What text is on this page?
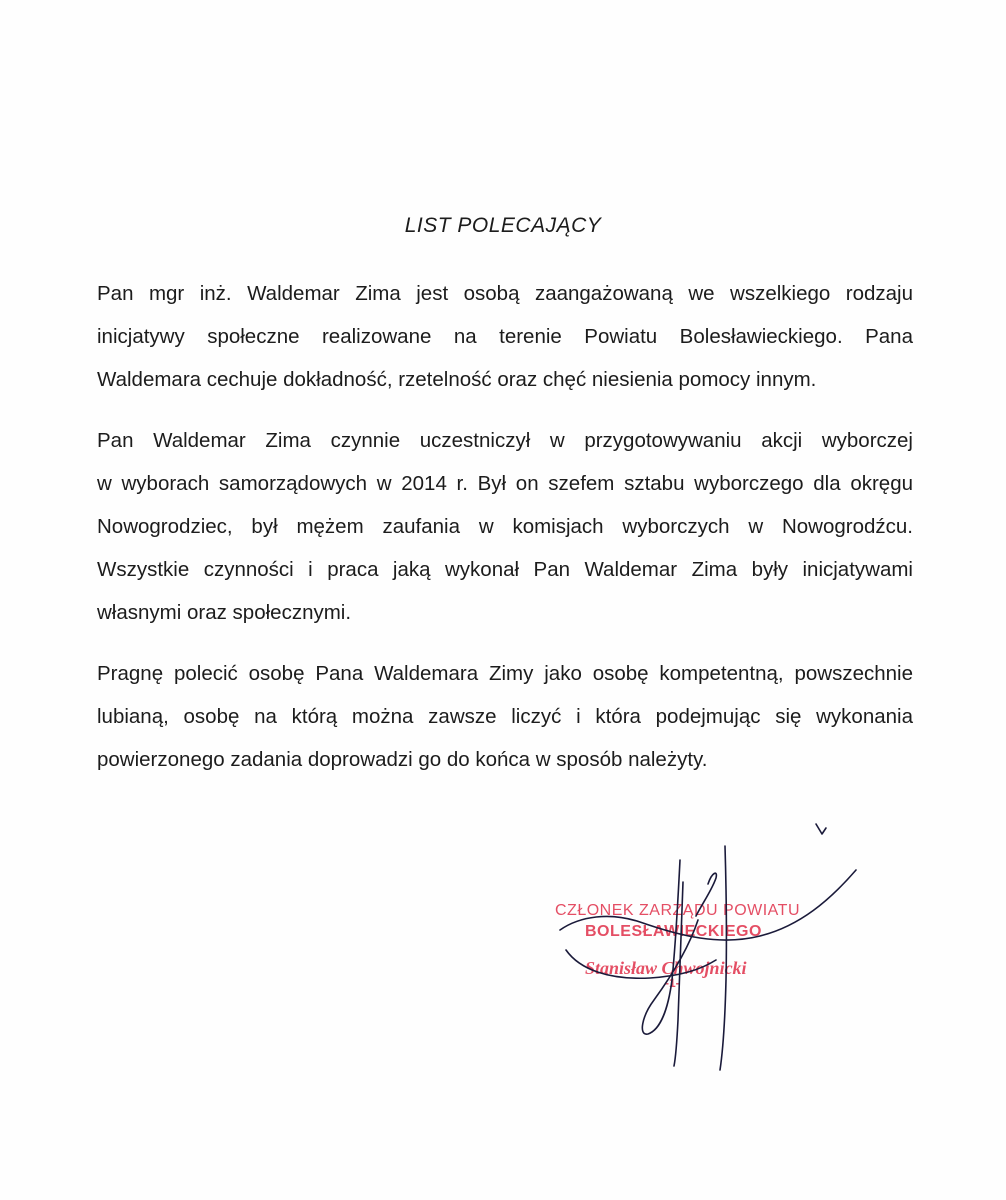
LIST POLECAJĄCY
Pan mgr inż. Waldemar Zima jest osobą zaangażowaną we wszelkiego rodzaju
inicjatywy społeczne realizowane na terenie Powiatu Bolesławieckiego. Pana
Waldemara cechuje dokładność, rzetelność oraz chęć niesienia pomocy innym.
Pan Waldemar Zima czynnie uczestniczył w przygotowywaniu akcji wyborczej
w wyborach samorządowych w 2014 r. Był on szefem sztabu wyborczego dla okręgu
Nowogrodziec, był mężem zaufania w komisjach wyborczych w Nowogrodźcu.
Wszystkie czynności i praca jaką wykonał Pan Waldemar Zima były inicjatywami
własnymi oraz społecznymi.
Pragnę polecić osobę Pana Waldemara Zimy jako osobę kompetentną, powszechnie
lubianą, osobę na którą można zawsze liczyć i która podejmując się wykonania
powierzonego zadania doprowadzi go do końca w sposób należyty.
CZŁONEK ZARZĄDU POWIATU
BOLESŁAWIECKIEGO
Stanisław Chwojnicki
-1-
